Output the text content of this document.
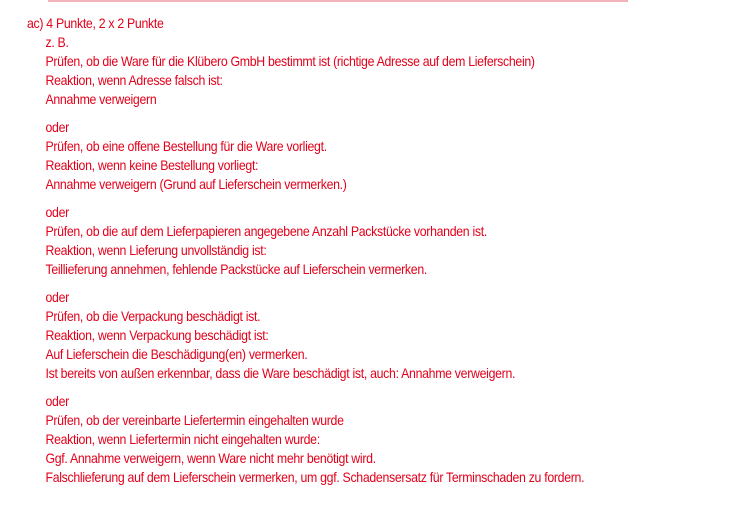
ac) 4 Punkte, 2 x 2 Punkte
z. B.
Prüfen, ob die Ware für die Klübero GmbH bestimmt ist (richtige Adresse auf dem Lieferschein)
Reaktion, wenn Adresse falsch ist:
Annahme verweigern
oder
Prüfen, ob eine offene Bestellung für die Ware vorliegt.
Reaktion, wenn keine Bestellung vorliegt:
Annahme verweigern (Grund auf Lieferschein vermerken.)
oder
Prüfen, ob die auf dem Lieferpapieren angegebene Anzahl Packstücke vorhanden ist.
Reaktion, wenn Lieferung unvollständig ist:
Teillieferung annehmen, fehlende Packstücke auf Lieferschein vermerken.
oder
Prüfen, ob die Verpackung beschädigt ist.
Reaktion, wenn Verpackung beschädigt ist:
Auf Lieferschein die Beschädigung(en) vermerken.
Ist bereits von außen erkennbar, dass die Ware beschädigt ist, auch: Annahme verweigern.
oder
Prüfen, ob der vereinbarte Liefertermin eingehalten wurde
Reaktion, wenn Liefertermin nicht eingehalten wurde:
Ggf. Annahme verweigern, wenn Ware nicht mehr benötigt wird.
Falschlieferung auf dem Lieferschein vermerken, um ggf. Schadensersatz für Terminschaden zu fordern.
